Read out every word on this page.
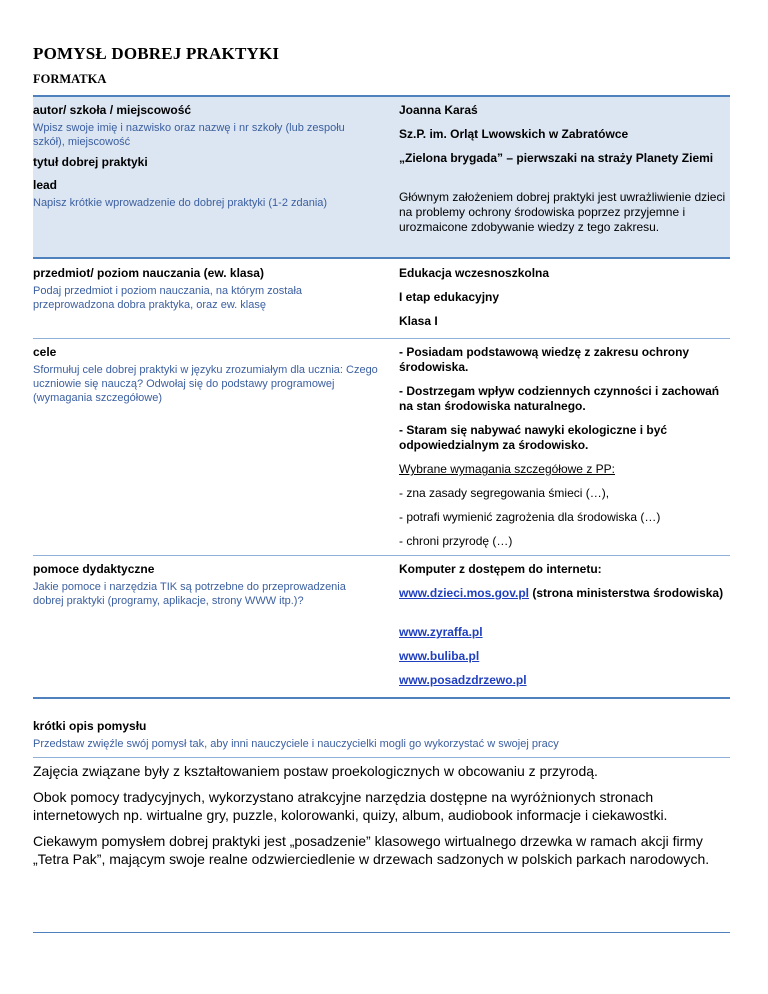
POMYSŁ DOBREJ PRAKTYKI
FORMATKA
autor/ szkoła / miejscowość
Wpisz swoje imię i nazwisko oraz nazwę i nr szkoły (lub zespołu szkół), miejscowość
Joanna Karaś
Sz.P. im. Orląt Lwowskich w Zabratówce
tytuł dobrej praktyki	„Zielona brygada” – pierwszaki na straży Planety Ziemi
lead
Napisz krótkie wprowadzenie do dobrej praktyki (1-2 zdania)	Głównym założeniem dobrej praktyki jest uwrażliwienie dzieci na problemy ochrony środowiska poprzez przyjemne i urozmaicone zdobywanie wiedzy z tego zakresu.
przedmiot/ poziom nauczania (ew. klasa)
Podaj przedmiot i poziom nauczania, na którym została przeprowadzona dobra praktyka, oraz ew. klasę
Edukacja wczesnoszkolna
I etap edukacyjny
Klasa I
cele
Sformułuj cele dobrej praktyki w języku zrozumiałym dla ucznia: Czego uczniowie się nauczą? Odwołaj się do podstawy programowej (wymagania szczegółowe)
- Posiadam podstawową wiedzę z zakresu ochrony środowiska.
- Dostrzegam wpływ codziennych czynności i zachowań na stan środowiska naturalnego.
- Staram się nabywać nawyki ekologiczne i być odpowiedzialnym za środowisko.
Wybrane wymagania szczegółowe z PP:
- zna zasady segregowania śmieci (…),
- potrafi wymienić zagrożenia dla środowiska (…)
- chroni przyrodę (…)
pomoce dydaktyczne
Jakie pomoce i narzędzia TIK są potrzebne do przeprowadzenia dobrej praktyki (programy, aplikacje, strony WWW itp.)?
Komputer z dostępem do internetu:
www.dzieci.mos.gov.pl (strona ministerstwa środowiska)
www.zyraffa.pl
www.buliba.pl
www.posadzdrzewo.pl
krótki opis pomysłu
Przedstaw zwięźle swój pomysł tak, aby inni nauczyciele i nauczycielki mogli go wykorzystać w swojej pracy
Zajęcia związane były z kształtowaniem postaw proekologicznych w obcowaniu z przyrodą.
Obok pomocy tradycyjnych, wykorzystano atrakcyjne narzędzia dostępne na wyróżnionych stronach internetowych np. wirtualne gry, puzzle, kolorowanki, quizy, album, audiobook informacje i ciekawostki.
Ciekawym pomysłem dobrej praktyki jest „posadzenie” klasowego wirtualnego drzewka w ramach akcji firmy „Tetra Pak”, mającym swoje realne odzwierciedlenie w drzewach sadzonych w polskich parkach narodowych.
